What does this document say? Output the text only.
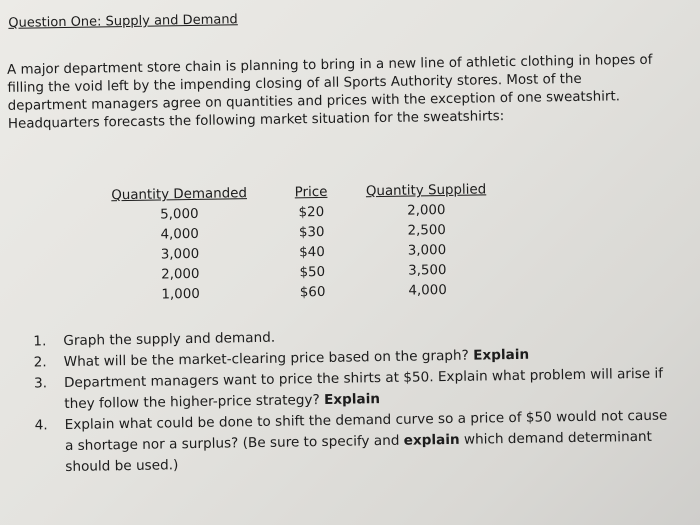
Question One: Supply and Demand

A major department store chain is planning to bring in a new line of athletic clothing in hopes of

filling the void left by the impending closing of all Sports Authority stores. Most of the

department managers agree on quantities and prices with the exception of one sweatshirt.

Headquarters forecasts the following market situation for the sweatshirts:

Quantity Demanded
5,000
4,000
3,000
2,000
1,000
Price
$20
$30
$40
$50
$60
Quantity Supplied
2,000
2,500
3,000
3,500
4,000
1. Graph the supply and demand.
2. What will be the market-clearing price based on the graph? Explain
3. Department managers want to price the shirts at $50. Explain what problem will arise if
they follow the higher-price strategy? Explain
4. Explain what could be done to shift the demand curve so a price of $50 would not cause
a shortage nor a surplus? (Be sure to specify and explain which demand determinant
should be used.)
